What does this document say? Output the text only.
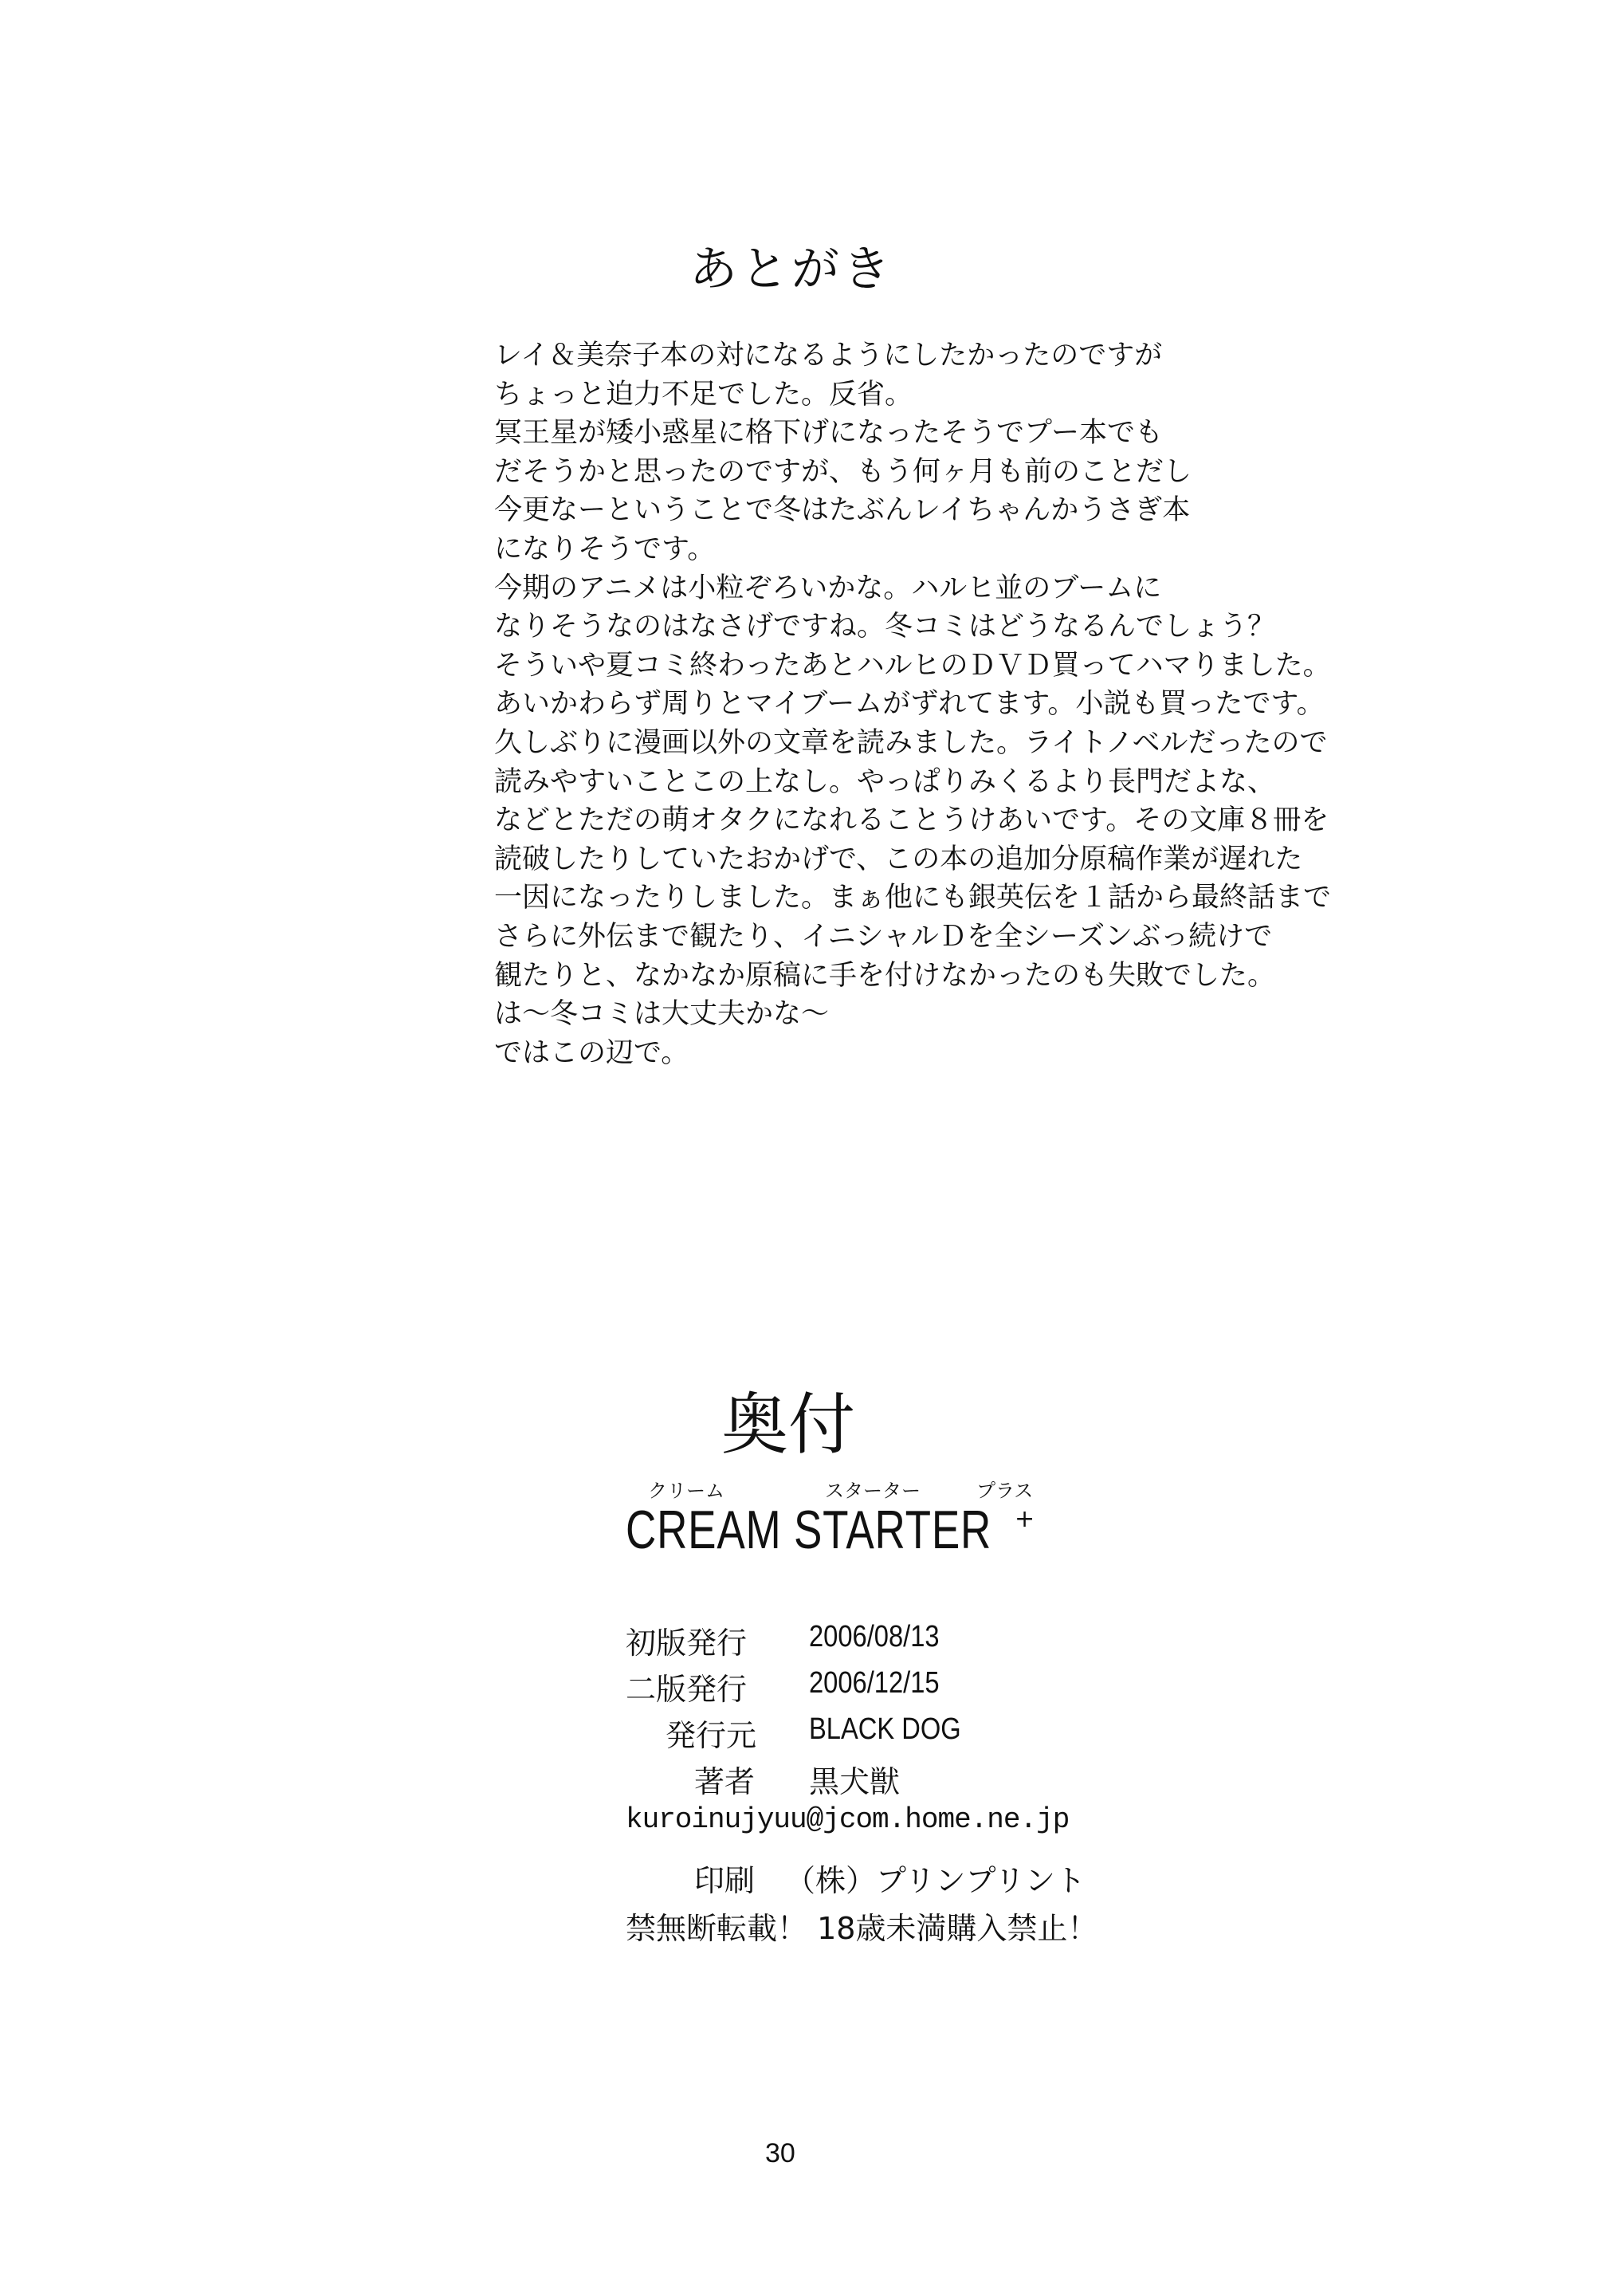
あとがき
レイ＆美奈子本の対になるようにしたかったのですが
ちょっと迫力不足でした。反省。
冥王星が矮小惑星に格下げになったそうでプー本でも
だそうかと思ったのですが、もう何ヶ月も前のことだし
今更なーということで冬はたぶんレイちゃんかうさぎ本
になりそうです。
今期のアニメは小粒ぞろいかな。ハルヒ並のブームに
なりそうなのはなさげですね。冬コミはどうなるんでしょう？
そういや夏コミ終わったあとハルヒのＤＶＤ買ってハマりました。
あいかわらず周りとマイブームがずれてます。小説も買ったです。
久しぶりに漫画以外の文章を読みました。ライトノベルだったので
読みやすいことこの上なし。やっぱりみくるより長門だよな、
などとただの萌オタクになれることうけあいです。その文庫８冊を
読破したりしていたおかげで、この本の追加分原稿作業が遅れた
一因になったりしました。まぁ他にも銀英伝を１話から最終話まで
さらに外伝まで観たり、イニシャルＤを全シーズンぶっ続けで
観たりと、なかなか原稿に手を付けなかったのも失敗でした。
は～冬コミは大丈夫かな～
ではこの辺で。
奥付
クリーム	スターター	プラス
CREAM STARTER +
初版発行 2006/08/13
二版発行 2006/12/15
発行元 BLACK DOG
著者 黒犬獣
印刷 （株）プリンプリント
禁無断転載！ 18歳未満購入禁止！
kuroinujyuu@jcom.home.ne.jp
30
